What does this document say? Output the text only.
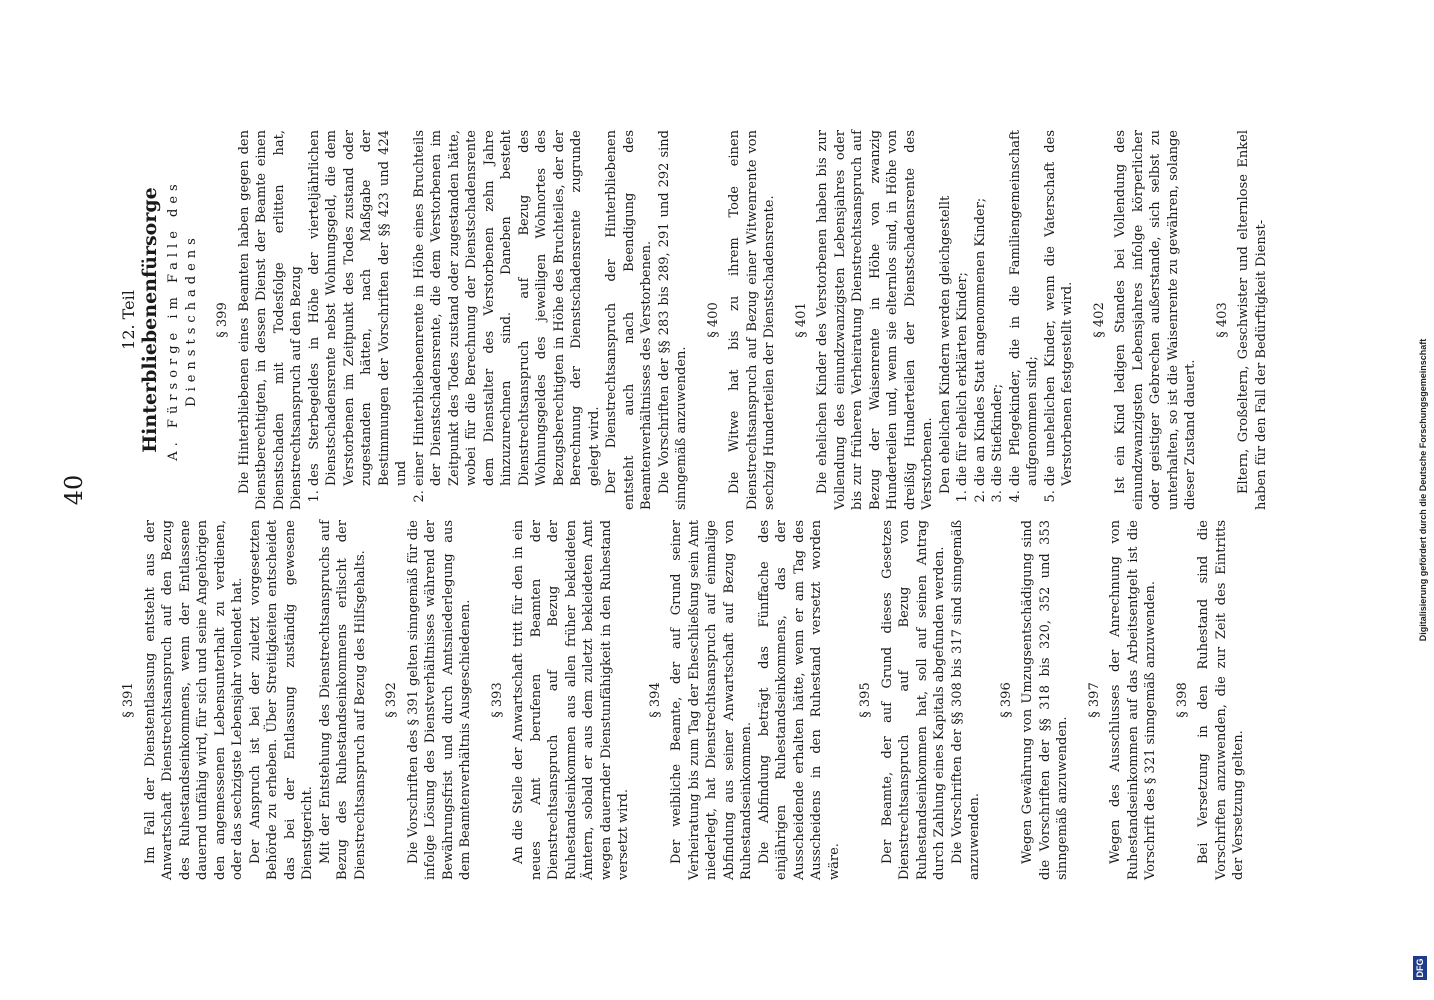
40
§ 391 Im Fall der Dienstentlassung entsteht aus der Anwartschaft Dienstrechtsanspruch auf den Bezug des Ruhestandseinkommens, wenn der Entlassene dauernd unfähig wird, für sich und seine Angehörigen den angemessenen Lebensunterhalt zu verdienen, oder das sechzigste Lebensjahr vollendet hat. Der Anspruch ist bei der zuletzt vorgesetzten Behörde zu erheben. Über Streitigkeiten entscheidet das bei der Entlassung zuständig gewesene Dienstgericht. Mit der Entstehung des Dienstrechtsanspruchs auf Bezug des Ruhestandseinkommens erlischt der Dienstrechtsanspruch auf Bezug des Hilfsgehalts. § 392 Die Vorschriften des § 391 gelten sinngemäß für die infolge Lösung des Dienstverhältnisses während der Bewährungsfrist und durch Amtsniederlegung aus dem Beamtenverhältnis Ausgeschiedenen. § 393 An die Stelle der Anwartschaft tritt für den in ein neues Amt berufenen Beamten der Dienstrechtsanspruch auf Bezug der Ruhestandseinkommen aus allen früher bekleideten Ämtern, sobald er aus dem zuletzt bekleideten Amt wegen dauernder Dienstunfähigkeit in den Ruhestand versetzt wird.

§ 394 Der weibliche Beamte, der auf Grund seiner Verheiratung bis zum Tag der Eheschließung sein Amt niederlegt, hat Dienstrechtsanspruch auf einmalige Abfindung aus seiner Anwartschaft auf Bezug von Ruhestandseinkommen. Die Abfindung beträgt das Fünffache des einjährigen Ruhestandseinkommens, das der Ausscheidende erhalten hätte, wenn er am Tag des Ausscheidens in den Ruhestand versetzt worden wäre.

§ 395 Der Beamte, der auf Grund dieses Gesetzes Dienstrechtsanspruch auf Bezug von Ruhestandseinkommen hat, soll auf seinen Antrag durch Zahlung eines Kapitals abgefunden werden. Die Vorschriften der §§ 308 bis 317 sind sinngemäß anzuwenden.

§ 396 Wegen Gewährung von Umzugsentschädigung sind die Vorschriften der §§ 318 bis 320, 352 und 353 sinngemäß anzuwenden.

§ 397 Wegen des Ausschlusses der Anrechnung von Ruhestandseinkommen auf das Arbeitsentgelt ist die Vorschrift des § 321 sinngemäß anzuwenden. § 398 Bei Versetzung in den Ruhestand sind die Vorschriften anzuwenden, die zur Zeit des Eintritts der Versetzung gelten.

12. Teil Hinterbliebenenfürsorge A. Fürsorge im Falle des Dienstschadens § 399 Die Hinterbliebenen eines Beamten haben gegen den Dienstberechtigten, in dessen Dienst der Beamte einen Dienstschaden mit Todesfolge erlitten hat, Dienstrechtsanspruch auf den Bezug 1. des Sterbegeldes in Höhe der vierteljährlichen Dienstschadensrente nebst Wohnungsgeld, die dem Verstorbenen im Zeitpunkt des Todes zustand oder zugestanden hätten, nach Maßgabe der Bestimmungen der Vorschriften der §§ 423 und 424 und 2. einer Hinterbliebenenrente in Höhe eines Bruchteils der Dienstschadensrente, die dem Verstorbenen im Zeitpunkt des Todes zustand oder zugestanden hätte, wobei für die Berechnung der Dienstschadensrente dem Dienstalter des Verstorbenen zehn Jahre hinzuzurechnen sind. Daneben besteht Dienstrechtsanspruch auf Bezug des Wohnungsgeldes des jeweiligen Wohnortes des Bezugsberechtigten in Höhe des Bruchteiles, der der Berechnung der Dienstschadensrente zugrunde gelegt wird. Der Dienstrechtsanspruch der Hinterbliebenen entsteht auch nach Beendigung des Beamtenverhältnisses des Verstorbenen. Die Vorschriften der §§ 283 bis 289, 291 und 292 sind sinngemäß anzuwenden.

§ 400 Die Witwe hat bis zu ihrem Tode einen Dienstrechtsanspruch auf Bezug einer Witwenrente von sechzig Hunderteilen der Dienstschadensrente. § 401 Die ehelichen Kinder des Verstorbenen haben bis zur Vollendung des einundzwanzigsten Lebensjahres oder bis zur früheren Verheiratung Dienstrechtsanspruch auf Bezug der Waisenrente in Höhe von zwanzig Hunderteilen und, wenn sie elternlos sind, in Höhe von dreißig Hunderteilen der Dienstschadensrente des Verstorbenen. Den ehelichen Kindern werden gleichgestellt 1. die für ehelich erklärten Kinder; 2. die an Kindes Statt angenommenen Kinder; 3. die Stiefkinder; 4. die Pflegekinder, die in die Familiengemeinschaft aufgenommen sind; 5. die unehelichen Kinder, wenn die Vaterschaft des Verstorbenen festgestellt wird. § 402 Ist ein Kind ledigen Standes bei Vollendung des einundzwanzigsten Lebensjahres infolge körperlicher oder geistiger Gebrechen außerstande, sich selbst zu unterhalten, so ist die Waisenrente zu gewähren, solange dieser Zustand dauert.

§ 403 Eltern, Großeltern, Geschwister und elternlose Enkel haben für den Fall der Bedürftigkeit Dienst-

DFG
Digitalisierung gefördert durch die Deutsche Forschungsgemeinschaft
